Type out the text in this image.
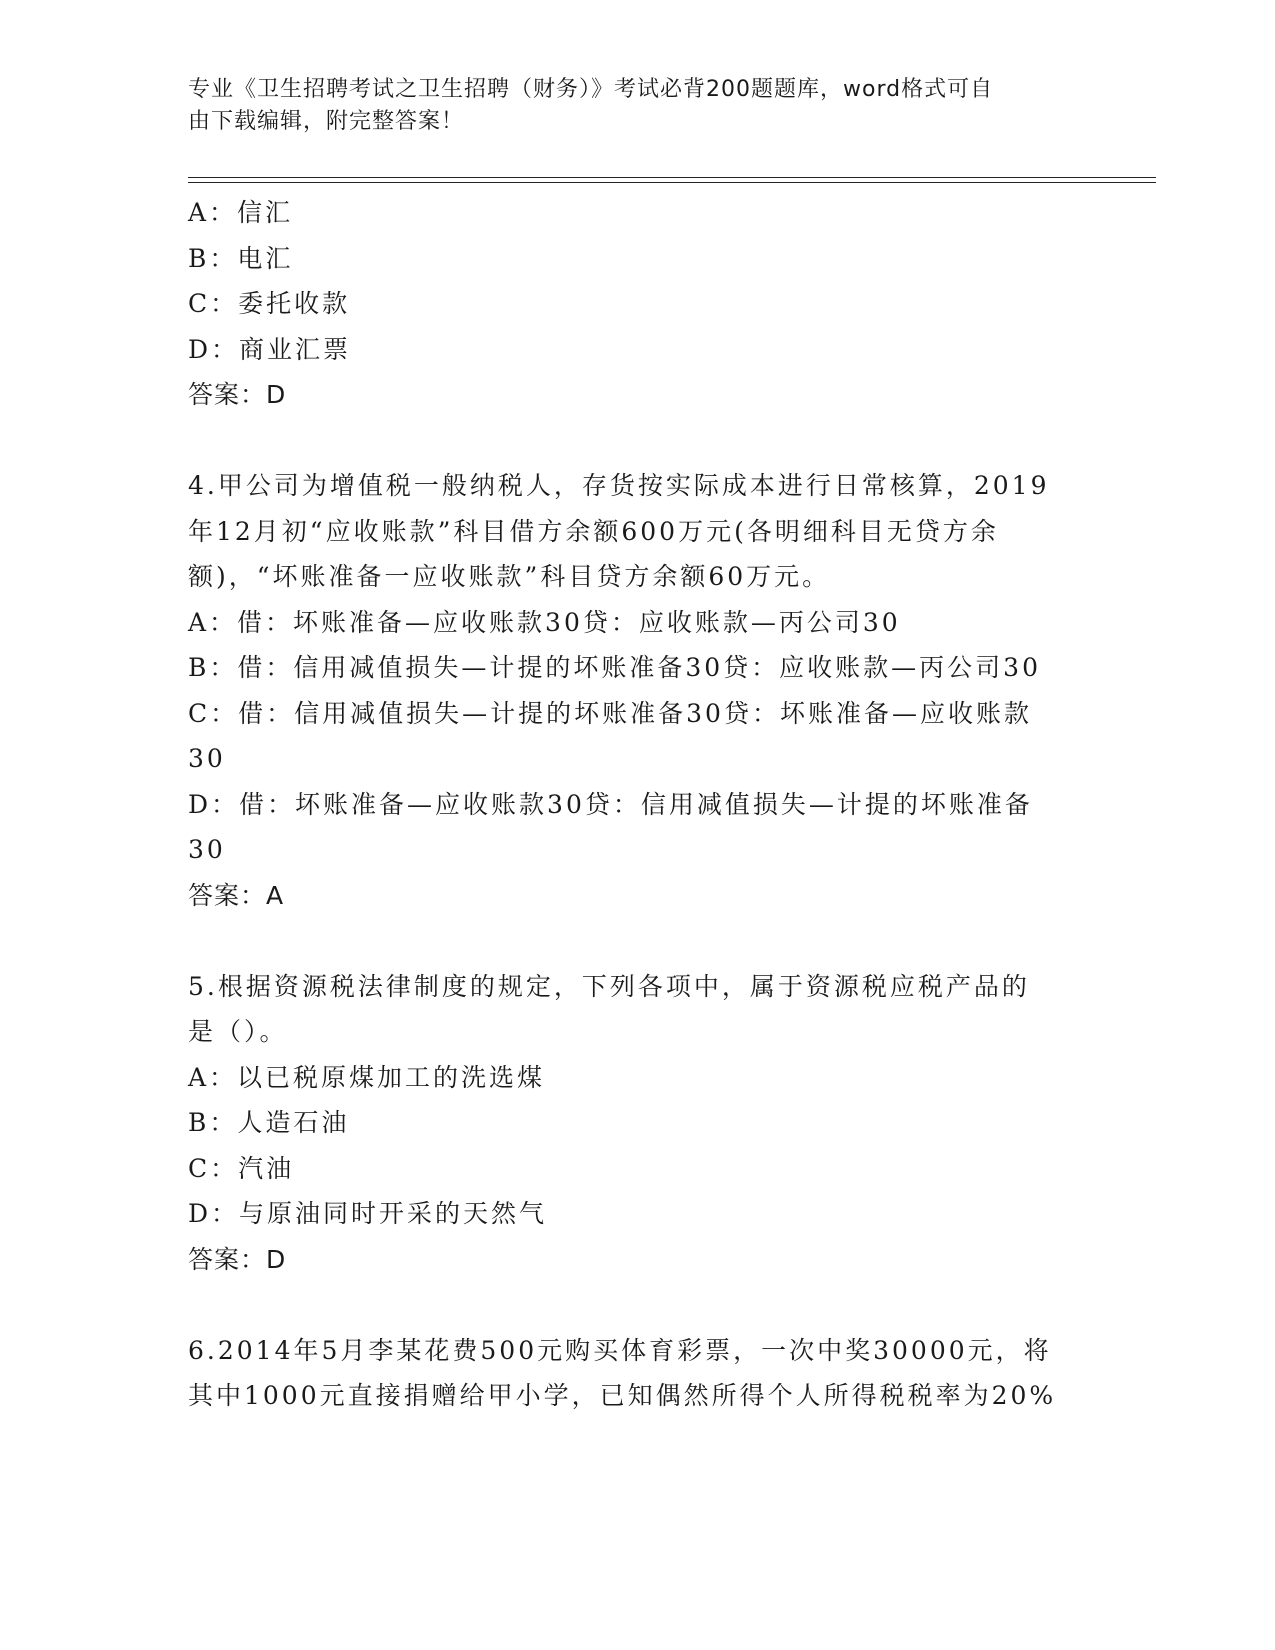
专业《卫生招聘考试之卫生招聘（财务）》考试必背200题题库，word格式可自
由下载编辑，附完整答案！
A：信汇
B：电汇
C：委托收款
D：商业汇票
答案：D
4.甲公司为增值税一般纳税人，存货按实际成本进行日常核算，2019
年12月初“应收账款”科目借方余额600万元(各明细科目无贷方余
额)，“坏账准备一应收账款”科目贷方余额60万元。
A：借：坏账准备—应收账款30贷：应收账款—丙公司30
B：借：信用减值损失—计提的坏账准备30贷：应收账款—丙公司30
C：借：信用减值损失—计提的坏账准备30贷：坏账准备—应收账款
30
D：借：坏账准备—应收账款30贷：信用减值损失—计提的坏账准备
30
答案：A
5.根据资源税法律制度的规定，下列各项中，属于资源税应税产品的
是（）。
A：以已税原煤加工的洗选煤
B：人造石油
C：汽油
D：与原油同时开采的天然气
答案：D
6.2014年5月李某花费500元购买体育彩票，一次中奖30000元，将
其中1000元直接捐赠给甲小学，已知偶然所得个人所得税税率为20%
